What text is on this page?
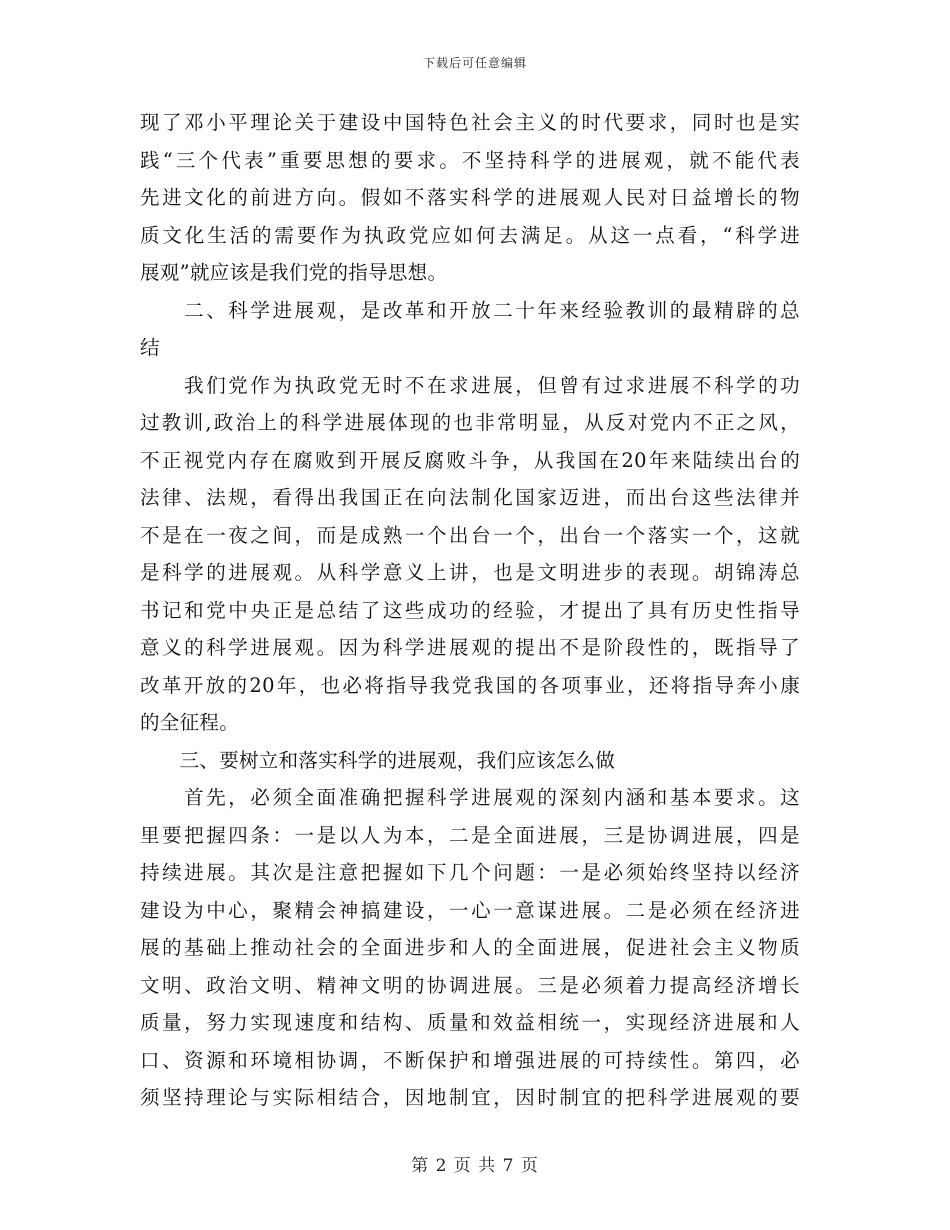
下载后可任意编辑
现了邓小平理论关于建设中国特色社会主义的时代要求，同时也是实
践“三个代表”重要思想的要求。不坚持科学的进展观，就不能代表
先进文化的前进方向。假如不落实科学的进展观人民对日益增长的物
质文化生活的需要作为执政党应如何去满足。从这一点看，“科学进
展观”就应该是我们党的指导思想。
　　二、科学进展观，是改革和开放二十年来经验教训的最精辟的总
结
　　我们党作为执政党无时不在求进展，但曾有过求进展不科学的功
过教训,政治上的科学进展体现的也非常明显，从反对党内不正之风，
不正视党内存在腐败到开展反腐败斗争，从我国在20年来陆续出台的
法律、法规，看得出我国正在向法制化国家迈进，而出台这些法律并
不是在一夜之间，而是成熟一个出台一个，出台一个落实一个，这就
是科学的进展观。从科学意义上讲，也是文明进步的表现。胡锦涛总
书记和党中央正是总结了这些成功的经验，才提出了具有历史性指导
意义的科学进展观。因为科学进展观的提出不是阶段性的，既指导了
改革开放的20年，也必将指导我党我国的各项事业，还将指导奔小康
的全征程。
　　三、要树立和落实科学的进展观，我们应该怎么做
　　首先，必须全面准确把握科学进展观的深刻内涵和基本要求。这
里要把握四条：一是以人为本，二是全面进展，三是协调进展，四是
持续进展。其次是注意把握如下几个问题：一是必须始终坚持以经济
建设为中心，聚精会神搞建设，一心一意谋进展。二是必须在经济进
展的基础上推动社会的全面进步和人的全面进展，促进社会主义物质
文明、政治文明、精神文明的协调进展。三是必须着力提高经济增长
质量，努力实现速度和结构、质量和效益相统一，实现经济进展和人
口、资源和环境相协调，不断保护和增强进展的可持续性。第四，必
须坚持理论与实际相结合，因地制宜，因时制宜的把科学进展观的要
第 2 页 共 7 页
